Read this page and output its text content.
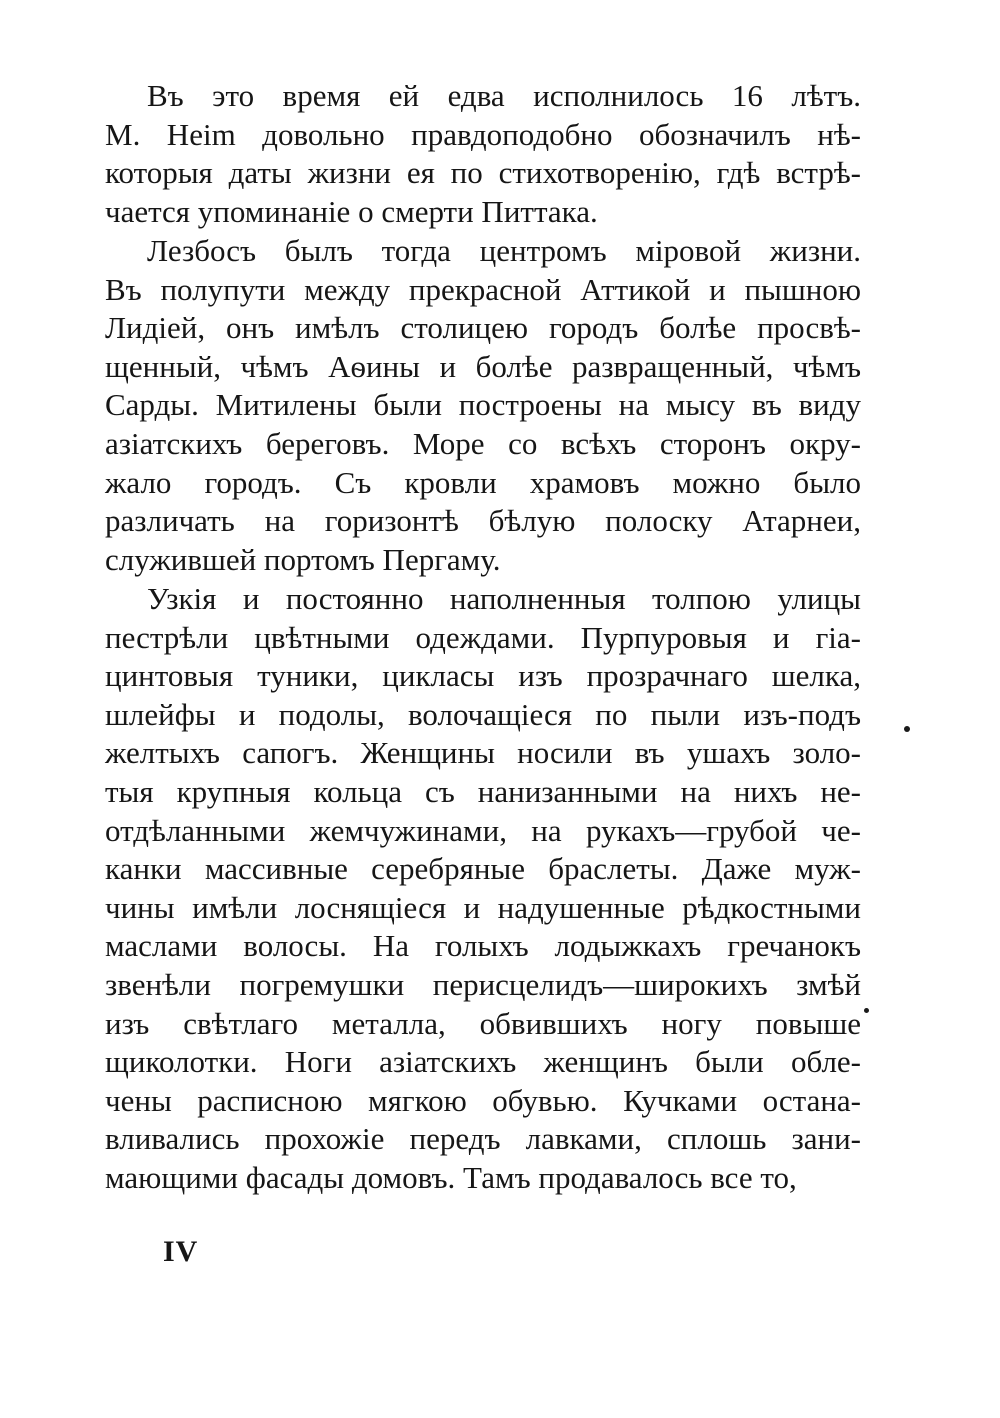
Въ это время ей едва исполнилось 16 лѣтъ.
M. Heim довольно правдоподобно обозначилъ нѣ-
которыя даты жизни ея по стихотворенію, гдѣ встрѣ-
чается упоминаніе о смерти Питтака.
Лезбосъ былъ тогда центромъ міровой жизни.
Въ полупути между прекрасной Аттикой и пышною
Лидіей, онъ имѣлъ столицею городъ болѣе просвѣ-
щенный, чѣмъ Аѳины и болѣе развращенный, чѣмъ
Сарды. Митилены были построены на мысу въ виду
азіатскихъ береговъ. Море со всѣхъ сторонъ окру-
жало городъ. Съ кровли храмовъ можно было
различать на горизонтѣ бѣлую полоску Атарнеи,
служившей портомъ Пергаму.
Узкія и постоянно наполненныя толпою улицы
пестрѣли цвѣтными одеждами. Пурпуровыя и гіа-
цинтовыя туники, цикласы изъ прозрачнаго шелка,
шлейфы и подолы, волочащіеся по пыли изъ-подъ
желтыхъ сапогъ. Женщины носили въ ушахъ золо-
тыя крупныя кольца съ нанизанными на нихъ не-
отдѣланными жемчужинами, на рукахъ—грубой че-
канки массивные серебряные браслеты. Даже муж-
чины имѣли лоснящіеся и надушенные рѣдкостными
маслами волосы. На голыхъ лодыжкахъ гречанокъ
звенѣли погремушки перисцелидъ—широкихъ змѣй
изъ свѣтлаго металла, обвившихъ ногу повыше
щиколотки. Ноги азіатскихъ женщинъ были обле-
чены расписною мягкою обувью. Кучками остана-
вливались прохожіе передъ лавками, сплошь зани-
мающими фасады домовъ. Тамъ продавалось все то,
IV
